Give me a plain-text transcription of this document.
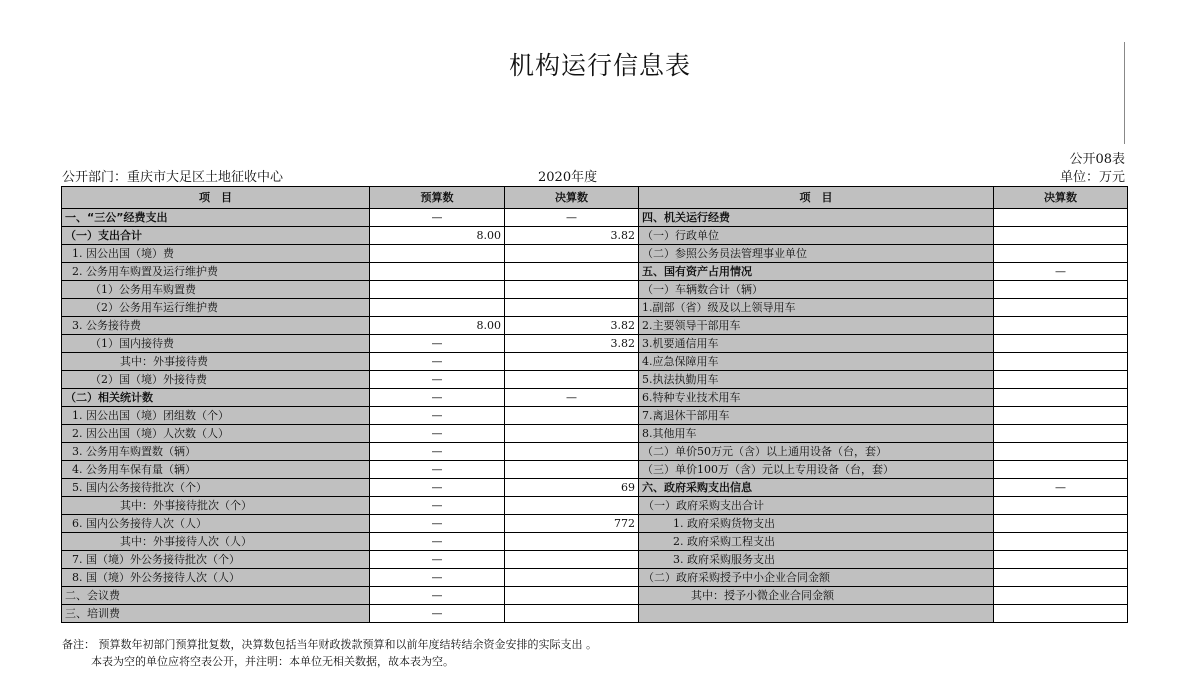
机构运行信息表
公开部门：重庆市大足区土地征收中心	2020年度
公开08表
单位：万元
项　目	预算数	决算数	项　目	决算数
一、“三公”经费支出	—	—	四、机关运行经费	
（一）支出合计	8.00	3.82	（一）行政单位	
1. 因公出国（境）费			（二）参照公务员法管理事业单位	
2. 公务用车购置及运行维护费			五、国有资产占用情况	—
（1）公务用车购置费			（一）车辆数合计（辆）	
（2）公务用车运行维护费			1.副部（省）级及以上领导用车	
3. 公务接待费	8.00	3.82	2.主要领导干部用车	
（1）国内接待费	—	3.82	3.机要通信用车	
其中：外事接待费	—		4.应急保障用车	
（2）国（境）外接待费	—		5.执法执勤用车	
（二）相关统计数	—	—	6.特种专业技术用车	
1. 因公出国（境）团组数（个）	—		7.离退休干部用车	
2. 因公出国（境）人次数（人）	—		8.其他用车	
3. 公务用车购置数（辆）	—		（二）单价50万元（含）以上通用设备（台，套）	
4. 公务用车保有量（辆）	—		（三）单价100万（含）元以上专用设备（台，套）	
5. 国内公务接待批次（个）	—	69	六、政府采购支出信息	—
其中：外事接待批次（个）	—		（一）政府采购支出合计	
6. 国内公务接待人次（人）	—	772	1. 政府采购货物支出	
其中：外事接待人次（人）	—		2. 政府采购工程支出	
7. 国（境）外公务接待批次（个）	—		3. 政府采购服务支出	
8. 国（境）外公务接待人次（人）	—		（二）政府采购授予中小企业合同金额	
二、会议费	—		其中：授予小微企业合同金额	
三、培训费	—			
备注： 预算数年初部门预算批复数，决算数包括当年财政拨款预算和以前年度结转结余资金安排的实际支出 。
本表为空的单位应将空表公开，并注明：本单位无相关数据，故本表为空。
